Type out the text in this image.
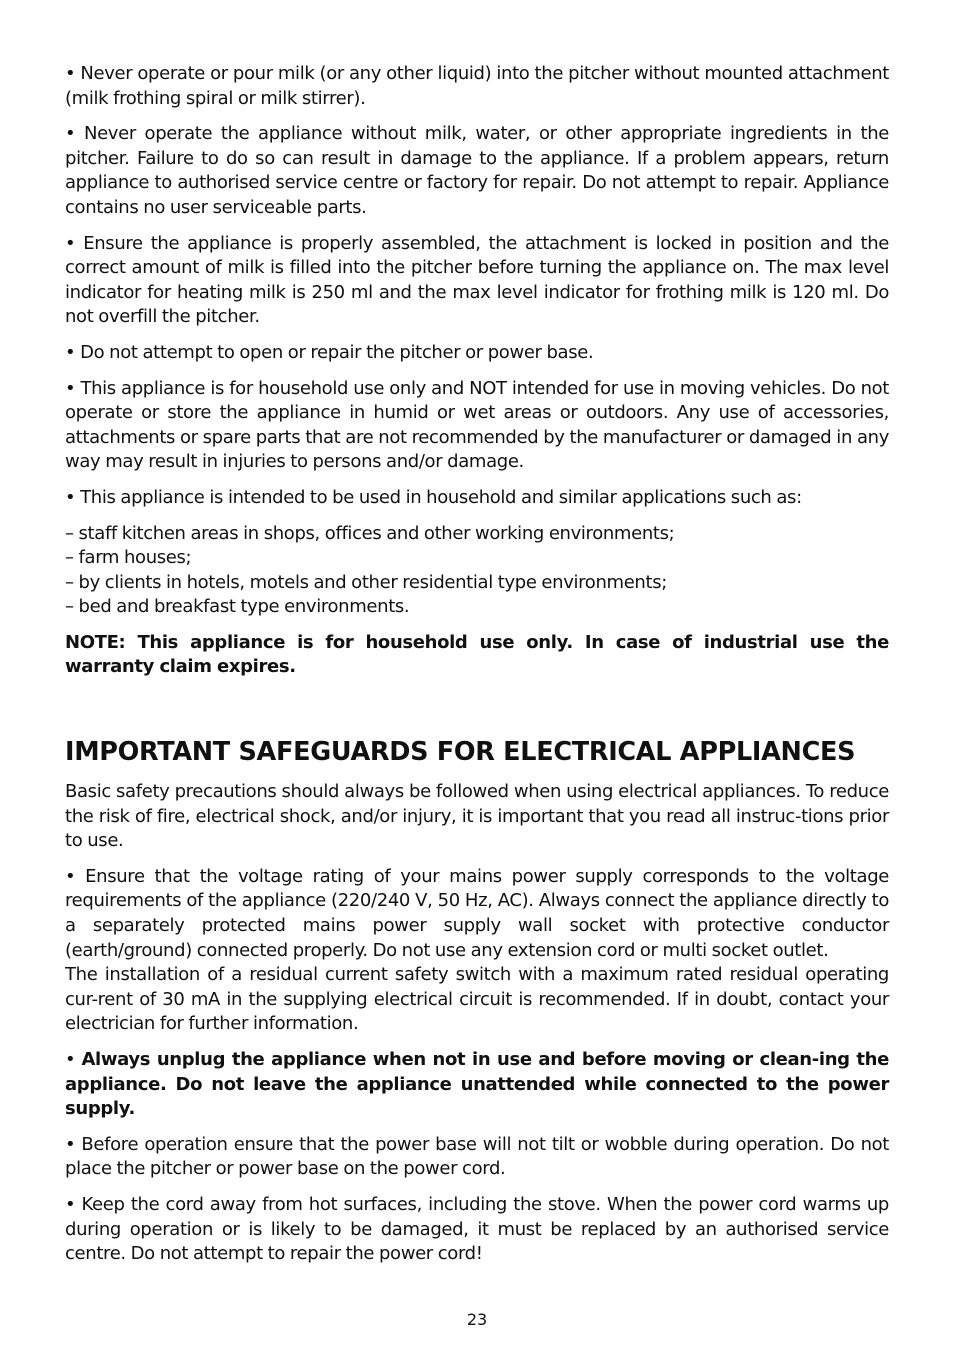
• Never operate or pour milk (or any other liquid) into the pitcher without mounted attachment (milk frothing spiral or milk stirrer).

• Never operate the appliance without milk, water, or other appropriate ingredients in the pitcher. Failure to do so can result in damage to the appliance. If a problem appears, return appliance to authorised service centre or factory for repair. Do not attempt to repair. Appliance contains no user serviceable parts.

• Ensure the appliance is properly assembled, the attachment is locked in position and the correct amount of milk is filled into the pitcher before turning the appliance on. The max level indicator for heating milk is 250 ml and the max level indicator for frothing milk is 120 ml. Do not overfill the pitcher.

• Do not attempt to open or repair the pitcher or power base.

• This appliance is for household use only and NOT intended for use in moving vehicles. Do not operate or store the appliance in humid or wet areas or outdoors. Any use of accessories, attachments or spare parts that are not recommended by the manufacturer or damaged in any way may result in injuries to persons and/or damage.

• This appliance is intended to be used in household and similar applications such as:

– staff kitchen areas in shops, offices and other working environments;
– farm houses;
– by clients in hotels, motels and other residential type environments;
– bed and breakfast type environments.

NOTE: This appliance is for household use only. In case of industrial use the warranty claim expires.

IMPORTANT SAFEGUARDS FOR ELECTRICAL APPLIANCES

Basic safety precautions should always be followed when using electrical appliances. To reduce the risk of fire, electrical shock, and/or injury, it is important that you read all instruc-tions prior to use.

• Ensure that the voltage rating of your mains power supply corresponds to the voltage requirements of the appliance (220/240 V, 50 Hz, AC). Always connect the appliance directly to a separately protected mains power supply wall socket with protective conductor (earth/ground) connected properly. Do not use any extension cord or multi socket outlet.
The installation of a residual current safety switch with a maximum rated residual operating cur-rent of 30 mA in the supplying electrical circuit is recommended. If in doubt, contact your electrician for further information.

• Always unplug the appliance when not in use and before moving or clean-ing the appliance. Do not leave the appliance unattended while connected to the power supply.

• Before operation ensure that the power base will not tilt or wobble during operation. Do not place the pitcher or power base on the power cord.

• Keep the cord away from hot surfaces, including the stove. When the power cord warms up during operation or is likely to be damaged, it must be replaced by an authorised service centre. Do not attempt to repair the power cord!

23
